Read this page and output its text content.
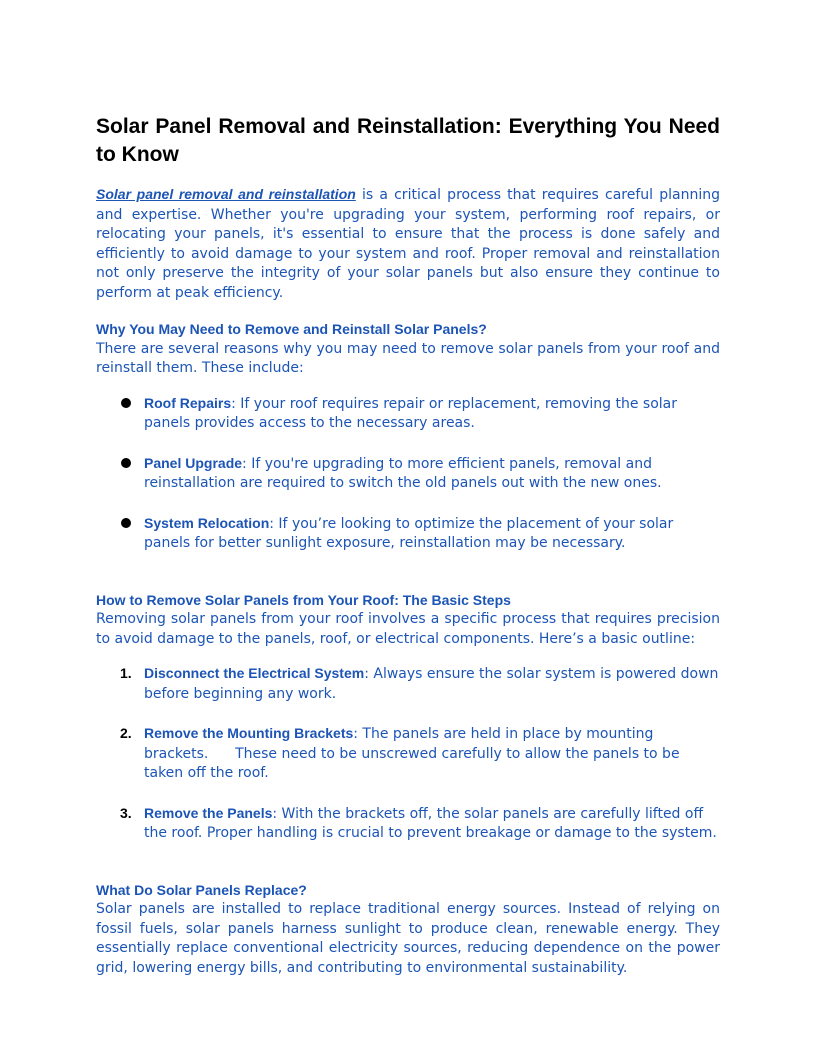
Solar Panel Removal and Reinstallation: Everything You Need to Know

Solar panel removal and reinstallation is a critical process that requires careful planning and expertise. Whether you're upgrading your system, performing roof repairs, or relocating your panels, it's essential to ensure that the process is done safely and efficiently to avoid damage to your system and roof. Proper removal and reinstallation not only preserve the integrity of your solar panels but also ensure they continue to perform at peak efficiency.

Why You May Need to Remove and Reinstall Solar Panels?

There are several reasons why you may need to remove solar panels from your roof and reinstall them. These include:

Roof Repairs: If your roof requires repair or replacement, removing the solar panels provides access to the necessary areas.

Panel Upgrade: If you're upgrading to more efficient panels, removal and reinstallation are required to switch the old panels out with the new ones.

System Relocation: If you’re looking to optimize the placement of your solar panels for better sunlight exposure, reinstallation may be necessary.

How to Remove Solar Panels from Your Roof: The Basic Steps

Removing solar panels from your roof involves a specific process that requires precision to avoid damage to the panels, roof, or electrical components. Here’s a basic outline:

1. Disconnect the Electrical System: Always ensure the solar system is powered down before beginning any work.

2. Remove the Mounting Brackets: The panels are held in place by mounting brackets.      These need to be unscrewed carefully to allow the panels to be taken off the roof.

3. Remove the Panels: With the brackets off, the solar panels are carefully lifted off the roof. Proper handling is crucial to prevent breakage or damage to the system.

What Do Solar Panels Replace?

Solar panels are installed to replace traditional energy sources. Instead of relying on fossil fuels, solar panels harness sunlight to produce clean, renewable energy. They essentially replace conventional electricity sources, reducing dependence on the power grid, lowering energy bills, and contributing to environmental sustainability.
